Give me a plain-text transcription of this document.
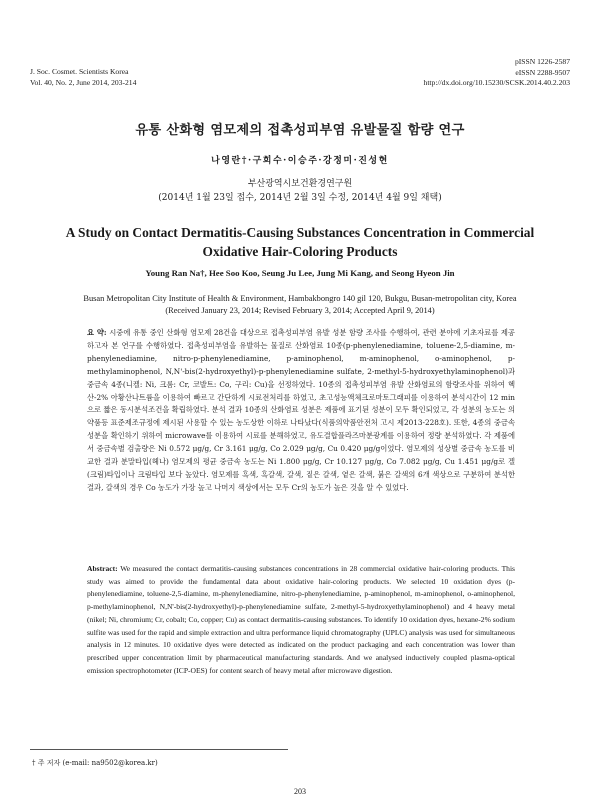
J. Soc. Cosmet. Scientists Korea
Vol. 40, No. 2, June 2014, 203-214
pISSN 1226-2587
eISSN 2288-9507
http://dx.doi.org/10.15230/SCSK.2014.40.2.203
유통 산화형 염모제의 접촉성피부염 유발물질 함량 연구
나영란†·구희수·이승주·강정미·진성현
부산광역시보건환경연구원
(2014년 1월 23일 접수, 2014년 2월 3일 수정, 2014년 4월 9일 채택)
A Study on Contact Dermatitis-Causing Substances Concentration in Commercial Oxidative Hair-Coloring Products
Young Ran Na†, Hee Soo Koo, Seung Ju Lee, Jung Mi Kang, and Seong Hyeon Jin
Busan Metropolitan City Institute of Health & Environment, Hambakbongro 140 gil 120, Bukgu, Busan-metropolitan city, Korea
(Received January 23, 2014; Revised February 3, 2014; Accepted April 9, 2014)
요 약: 시중에 유통 중인 산화형 염모제 28건을 대상으로 접촉성피부염 유발 성분 함량 조사를 수행하여, 관련 분야에 기초자료를 제공하고자 본 연구를 수행하였다. 접촉성피부염을 유발하는 물질로 산화염료 10종(p-phenylenediamine, toluene-2,5-diamine, m-phenylenediamine, nitro-p-phenylenediamine, p-aminophenol, m-aminophenol, o-aminophenol, p-methylaminophenol, N,N'-bis(2-hydroxyethyl)-p-phenylenediamine sulfate, 2-methyl-5-hydroxyethylaminophenol)과 중금속 4종(니켈: Ni, 크롬: Cr, 코발트: Co, 구리: Cu)을 선정하였다. 10종의 접촉성피부염 유발 산화염료의 함량조사를 위하여 헥산-2% 아황산나트륨을 이용하여 빠르고 간단하게 시료전처리를 하였고, 초고성능액체크로마토그래피를 이용하여 분석시간이 12 min으로 짧은 동시분석조건을 확립하였다. 분석 결과 10종의 산화염료 성분은 제품에 표기된 성분이 모두 확인되었고, 각 성분의 농도는 의약품등 표준제조규정에 제시된 사용할 수 있는 농도상한 이하로 나타났다(식품의약품안전처 고시 제2013-228호). 또한, 4종의 중금속성분을 확인하기 위하여 microwave를 이용하여 시료를 분해하였고, 유도결합플라즈마분광계를 이용하여 정량 분석하였다. 각 제품에서 중금속별 검출량은 Ni 0.572 μg/g, Cr 3.161 μg/g, Co 2.029 μg/g, Cu 0.420 μg/g이었다. 염모제의 성상별 중금속 농도를 비교한 결과 분말타입(헤나) 염모제의 평균 중금속 농도는 Ni 1.800 μg/g, Cr 10.127 μg/g, Co 7.082 μg/g, Cu 1.451 μg/g로 겔(크림)타입이나 크림타입 보다 높았다. 염모제를 흑색, 흑갈색, 갈색, 짙은 갈색, 옅은 갈색, 붉은 갈색의 6개 색상으로 구분하여 분석한 결과, 갈색의 경우 Co 농도가 가장 높고 나머지 색상에서는 모두 Cr의 농도가 높은 것을 알 수 있었다.
Abstract: We measured the contact dermatitis-causing substances concentrations in 28 commercial oxidative hair-coloring products. This study was aimed to provide the fundamental data about oxidative hair-coloring products. We selected 10 oxidation dyes (p-phenylenediamine, toluene-2,5-diamine, m-phenylenediamine, nitro-p-phenylenediamine, p-aminophenol, m-aminophenol, o-aminophenol, p-methylaminophenol, N,N'-bis(2-hydroxyethyl)-p-phenylenediamine sulfate, 2-methyl-5-hydroxyethylaminophenol) and 4 heavy metal (nikel; Ni, chromium; Cr, cobalt; Co, copper; Cu) as contact dermatitis-causing substances. To identify 10 oxidation dyes, hexane-2% sodium sulfite was used for the rapid and simple extraction and ultra performance liquid chromatography (UPLC) analysis was used for simultaneous analysis in 12 minutes. 10 oxidative dyes were detected as indicated on the product packaging and each concentration was lower than prescribed upper concentration limit by pharmaceutical manufacturing standards. And we analysed inductively coupled plasma-optical emission spectrophotometer (ICP-OES) for content search of heavy metal after microwave digestion.
† 주 저자 (e-mail: na9502@korea.kr)
203
